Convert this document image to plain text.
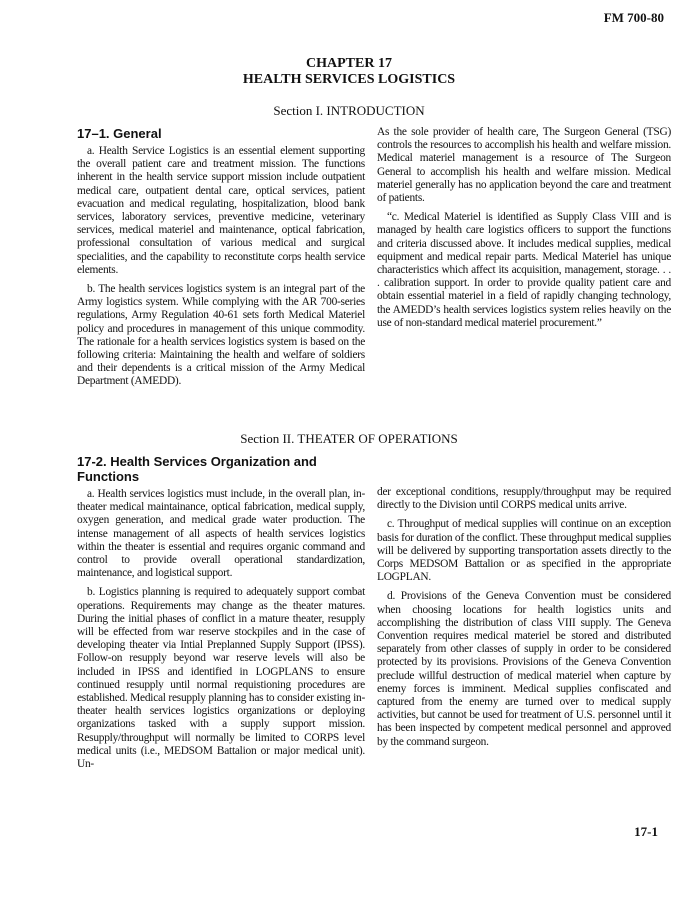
FM 700-80
CHAPTER 17
HEALTH SERVICES LOGISTICS
Section I. INTRODUCTION
17–1. General

a. Health Service Logistics is an essential element supporting the overall patient care and treatment mission. The functions inherent in the health service support mission include outpatient medical care, outpatient dental care, optical services, patient evacuation and medical regulating, hospitalization, blood bank services, laboratory services, preventive medicine, veterinary services, medical materiel and maintenance, optical fabrication, professional consultation of various medical and surgical specialities, and the capability to reconstitute corps health service elements.

b. The health services logistics system is an integral part of the Army logistics system. While complying with the AR 700-series regulations, Army Regulation 40-61 sets forth Medical Materiel policy and procedures in management of this unique commodity. The rationale for a health services logistics system is based on the following criteria: Maintaining the health and welfare of soldiers and their dependents is a critical mission of the Army Medical Department (AMEDD).

As the sole provider of health care, The Surgeon General (TSG) controls the resources to accomplish his health and welfare mission. Medical materiel management is a resource of The Surgeon General to accomplish his health and welfare mission. Medical materiel generally has no application beyond the care and treatment of patients.

“c. Medical Materiel is identified as Supply Class VIII and is managed by health care logistics officers to support the functions and criteria discussed above. It includes medical supplies, medical equipment and medical repair parts. Medical Materiel has unique characteristics which affect its acquisition, management, storage. . . . calibration support. In order to provide quality patient care and obtain essential materiel in a field of rapidly changing technology, the AMEDD’s health services logistics system relies heavily on the use of non-standard medical materiel procurement.”

Section II. THEATER OF OPERATIONS
17-2. Health Services Organization and Functions

a. Health services logistics must include, in the overall plan, in-theater medical maintainance, optical fabrication, medical supply, oxygen generation, and medical grade water production. The intense management of all aspects of health services logistics within the theater is essential and requires organic command and control to provide overall operational standardization, maintenance, and logistical support.

b. Logistics planning is required to adequately support combat operations. Requirements may change as the theater matures. During the initial phases of conflict in a mature theater, resupply will be effected from war reserve stockpiles and in the case of developing theater via Intial Preplanned Supply Support (IPSS). Follow-on resupply beyond war reserve levels will also be included in IPSS and identified in LOGPLANS to ensure continued resupply until normal requistioning procedures are established. Medical resupply planning has to consider existing in-theater health services logistics organizations or deploying organizations tasked with a supply support mission. Resupply/throughput will normally be limited to CORPS level medical units (i.e., MEDSOM Battalion or major medical unit). Un-

der exceptional conditions, resupply/throughput may be required directly to the Division until CORPS medical units arrive.

c. Throughput of medical supplies will continue on an exception basis for duration of the conflict. These throughput medical supplies will be delivered by supporting transportation assets directly to the Corps MEDSOM Battalion or as specified in the appropriate LOGPLAN.

d. Provisions of the Geneva Convention must be considered when choosing locations for health logistics units and accomplishing the distribution of class VIII supply. The Geneva Convention requires medical materiel be stored and distributed separately from other classes of supply in order to be considered protected by its provisions. Provisions of the Geneva Convention preclude willful destruction of medical materiel when capture by enemy forces is imminent. Medical supplies confiscated and captured from the enemy are turned over to medical supply activities, but cannot be used for treatment of U.S. personnel until it has been inspected by competent medical personnel and approved by the command surgeon.

17-1
